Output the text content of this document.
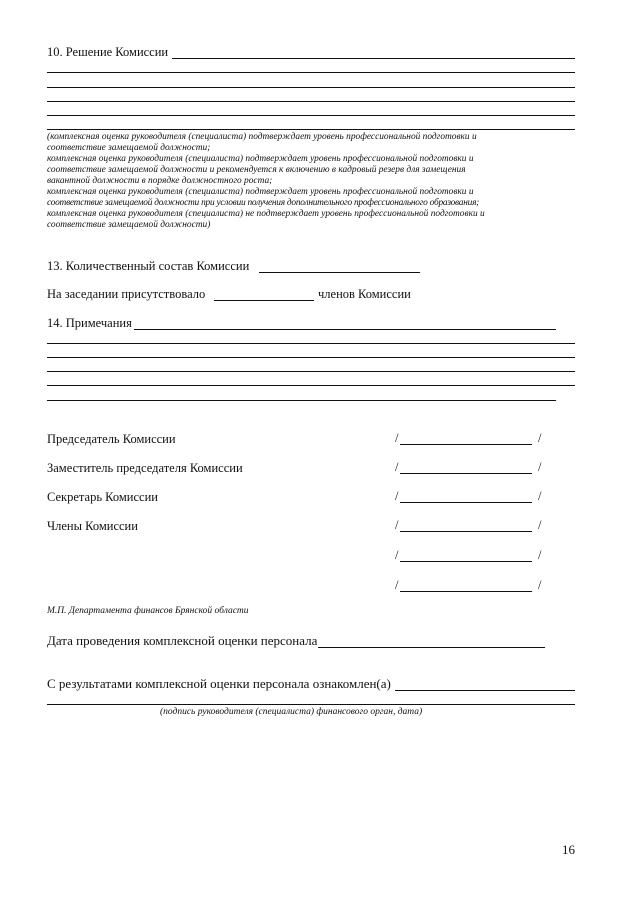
10. Решение Комиссии
(комплексная оценка руководителя (специалиста) подтверждает уровень профессиональной подготовки и
соответствие замещаемой должности;
комплексная оценка руководителя (специалиста) подтверждает уровень профессиональной подготовки и
соответствие замещаемой должности и рекомендуется к включению в кадровый резерв для замещения
вакантной должности в порядке должностного роста;
комплексная оценка руководителя (специалиста) подтверждает уровень профессиональной подготовки и
соответствие замещаемой должности при условии получения дополнительного профессионального образования;
комплексная оценка руководителя (специалиста) не подтверждает уровень профессиональной подготовки и
соответствие замещаемой должности)
13. Количественный состав Комиссии
На заседании присутствовало	членов Комиссии
14. Примечания
Председатель Комиссии	/	/
Заместитель председателя Комиссии	/	/
Секретарь Комиссии	/	/
Члены Комиссии	/	/
/	/
/	/
М.П. Департамента финансов Брянской области
Дата проведения комплексной оценки персонала
С результатами комплексной оценки персонала ознакомлен(а)
(подпись руководителя (специалиста) финансового орган, дата)
16
